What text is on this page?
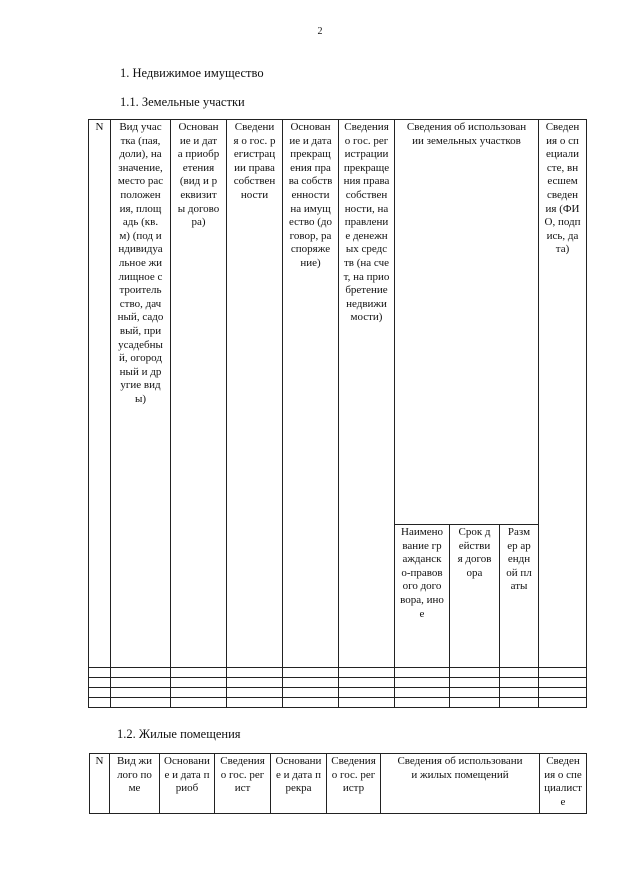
2
1. Недвижимое имущество
1.1. Земельные участки
N	Вид участка (пая, доли), назначение, место расположения, площадь (кв. м) (под индивидуальное жилищное строительство, дачный, садовый, приусадебный, огородный и другие виды)	Основание и дата приобретения (вид и реквизиты договора)	Сведения о гос. регистрации права собственности	Основание и дата прекращения права собственности на имущество (договор, распоряжение)	Сведения о гос. регистрации прекращения права собственности, направление денежных средств (на счет, на приобретение недвижимости)	Сведения об использовании земельных участков			Сведения о специалисте, внесшем сведения (ФИО, подпись, дата)
						Наименование гражданско-правового договора, иное	Срок действия договора	Размер арендной платы	

1.2. Жилые помещения
N	Вид жилого поме	Основание и дата приоб	Сведения о гос. регист	Основание и дата прекра	Сведения о гос. регистр	Сведения об использовании жилых помещений	Сведения о специалисте
